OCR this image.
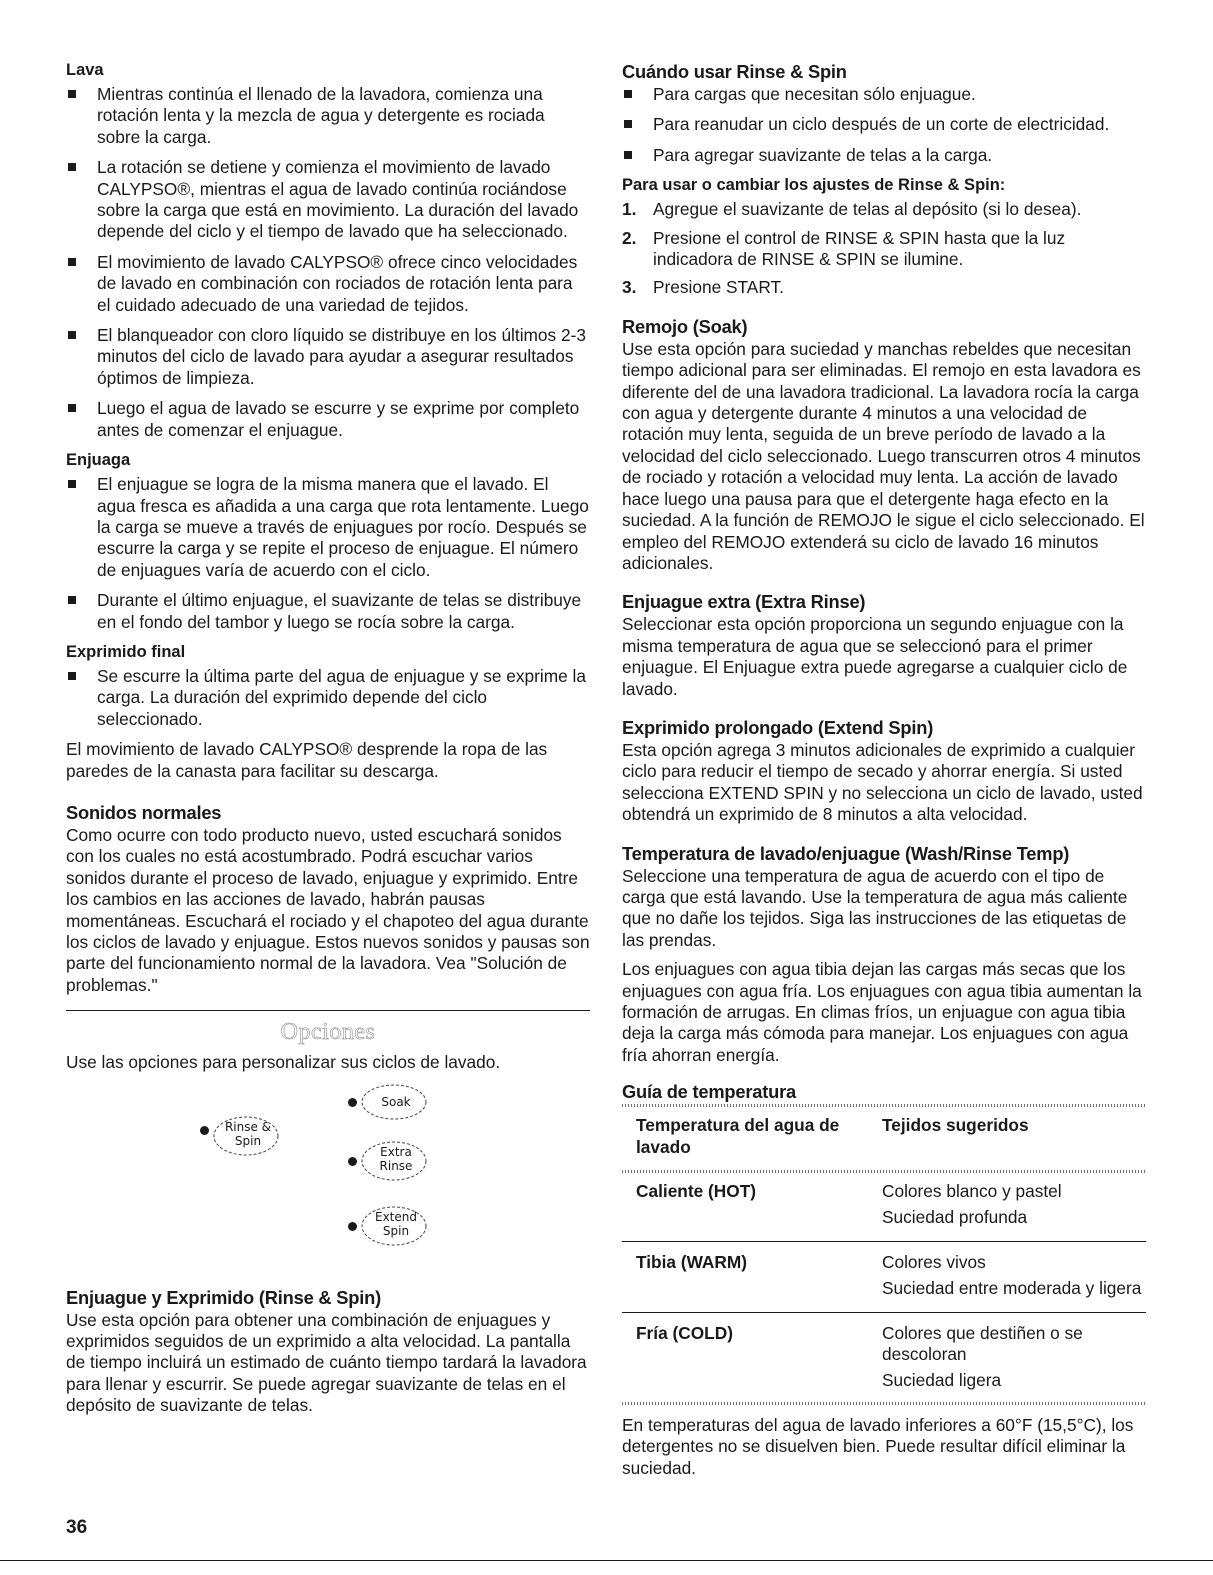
Lava
Mientras continúa el llenado de la lavadora, comienza una rotación lenta y la mezcla de agua y detergente es rociada sobre la carga.
La rotación se detiene y comienza el movimiento de lavado CALYPSO®, mientras el agua de lavado continúa rociándose sobre la carga que está en movimiento. La duración del lavado depende del ciclo y el tiempo de lavado que ha seleccionado.
El movimiento de lavado CALYPSO® ofrece cinco velocidades de lavado en combinación con rociados de rotación lenta para el cuidado adecuado de una variedad de tejidos.
El blanqueador con cloro líquido se distribuye en los últimos 2-3 minutos del ciclo de lavado para ayudar a asegurar resultados óptimos de limpieza.
Luego el agua de lavado se escurre y se exprime por completo antes de comenzar el enjuague.
Enjuaga
El enjuague se logra de la misma manera que el lavado. El agua fresca es añadida a una carga que rota lentamente. Luego la carga se mueve a través de enjuagues por rocío. Después se escurre la carga y se repite el proceso de enjuague. El número de enjuagues varía de acuerdo con el ciclo.
Durante el último enjuague, el suavizante de telas se distribuye en el fondo del tambor y luego se rocía sobre la carga.
Exprimido final
Se escurre la última parte del agua de enjuague y se exprime la carga. La duración del exprimido depende del ciclo seleccionado.

El movimiento de lavado CALYPSO® desprende la ropa de las paredes de la canasta para facilitar su descarga.

Sonidos normales

Como ocurre con todo producto nuevo, usted escuchará sonidos con los cuales no está acostumbrado. Podrá escuchar varios sonidos durante el proceso de lavado, enjuague y exprimido. Entre los cambios en las acciones de lavado, habrán pausas momentáneas. Escuchará el rociado y el chapoteo del agua durante los ciclos de lavado y enjuague. Estos nuevos sonidos y pausas son parte del funcionamiento normal de la lavadora. Vea "Solución de problemas."

Opciones

Use las opciones para personalizar sus ciclos de lavado.

Rinse &
Spin
Soak
Extra
Rinse
Extend
Spin
Enjuague y Exprimido (Rinse & Spin)

Use esta opción para obtener una combinación de enjuagues y exprimidos seguidos de un exprimido a alta velocidad. La pantalla de tiempo incluirá un estimado de cuánto tiempo tardará la lavadora para llenar y escurrir. Se puede agregar suavizante de telas en el depósito de suavizante de telas.

Cuándo usar Rinse & Spin
Para cargas que necesitan sólo enjuague.
Para reanudar un ciclo después de un corte de electricidad.
Para agregar suavizante de telas a la carga.
Para usar o cambiar los ajustes de Rinse & Spin:
1. Agregue el suavizante de telas al depósito (si lo desea).
2. Presione el control de RINSE & SPIN hasta que la luz indicadora de RINSE & SPIN se ilumine.
3. Presione START.
Remojo (Soak)

Use esta opción para suciedad y manchas rebeldes que necesitan tiempo adicional para ser eliminadas. El remojo en esta lavadora es diferente del de una lavadora tradicional. La lavadora rocía la carga con agua y detergente durante 4 minutos a una velocidad de rotación muy lenta, seguida de un breve período de lavado a la velocidad del ciclo seleccionado. Luego transcurren otros 4 minutos de rociado y rotación a velocidad muy lenta. La acción de lavado hace luego una pausa para que el detergente haga efecto en la suciedad. A la función de REMOJO le sigue el ciclo seleccionado. El empleo del REMOJO extenderá su ciclo de lavado 16 minutos adicionales.

Enjuague extra (Extra Rinse)

Seleccionar esta opción proporciona un segundo enjuague con la misma temperatura de agua que se seleccionó para el primer enjuague. El Enjuague extra puede agregarse a cualquier ciclo de lavado.

Exprimido prolongado (Extend Spin)

Esta opción agrega 3 minutos adicionales de exprimido a cualquier ciclo para reducir el tiempo de secado y ahorrar energía. Si usted selecciona EXTEND SPIN y no selecciona un ciclo de lavado, usted obtendrá un exprimido de 8 minutos a alta velocidad.

Temperatura de lavado/enjuague (Wash/Rinse Temp)

Seleccione una temperatura de agua de acuerdo con el tipo de carga que está lavando. Use la temperatura de agua más caliente que no dañe los tejidos. Siga las instrucciones de las etiquetas de las prendas.

Los enjuagues con agua tibia dejan las cargas más secas que los enjuagues con agua fría. Los enjuagues con agua tibia aumentan la formación de arrugas. En climas fríos, un enjuague con agua tibia deja la carga más cómoda para manejar. Los enjuagues con agua fría ahorran energía.

Guía de temperatura
Temperatura del agua de lavado	Tejidos sugeridos
Caliente (HOT)	Colores blanco y pastel
Suciedad profunda

Tibia (WARM)	Colores vivos
Suciedad entre moderada y ligera

Fría (COLD)	Colores que destiñen o se descoloran
Suciedad ligera

En temperaturas del agua de lavado inferiores a 60°F (15,5°C), los detergentes no se disuelven bien. Puede resultar difícil eliminar la suciedad.

36
